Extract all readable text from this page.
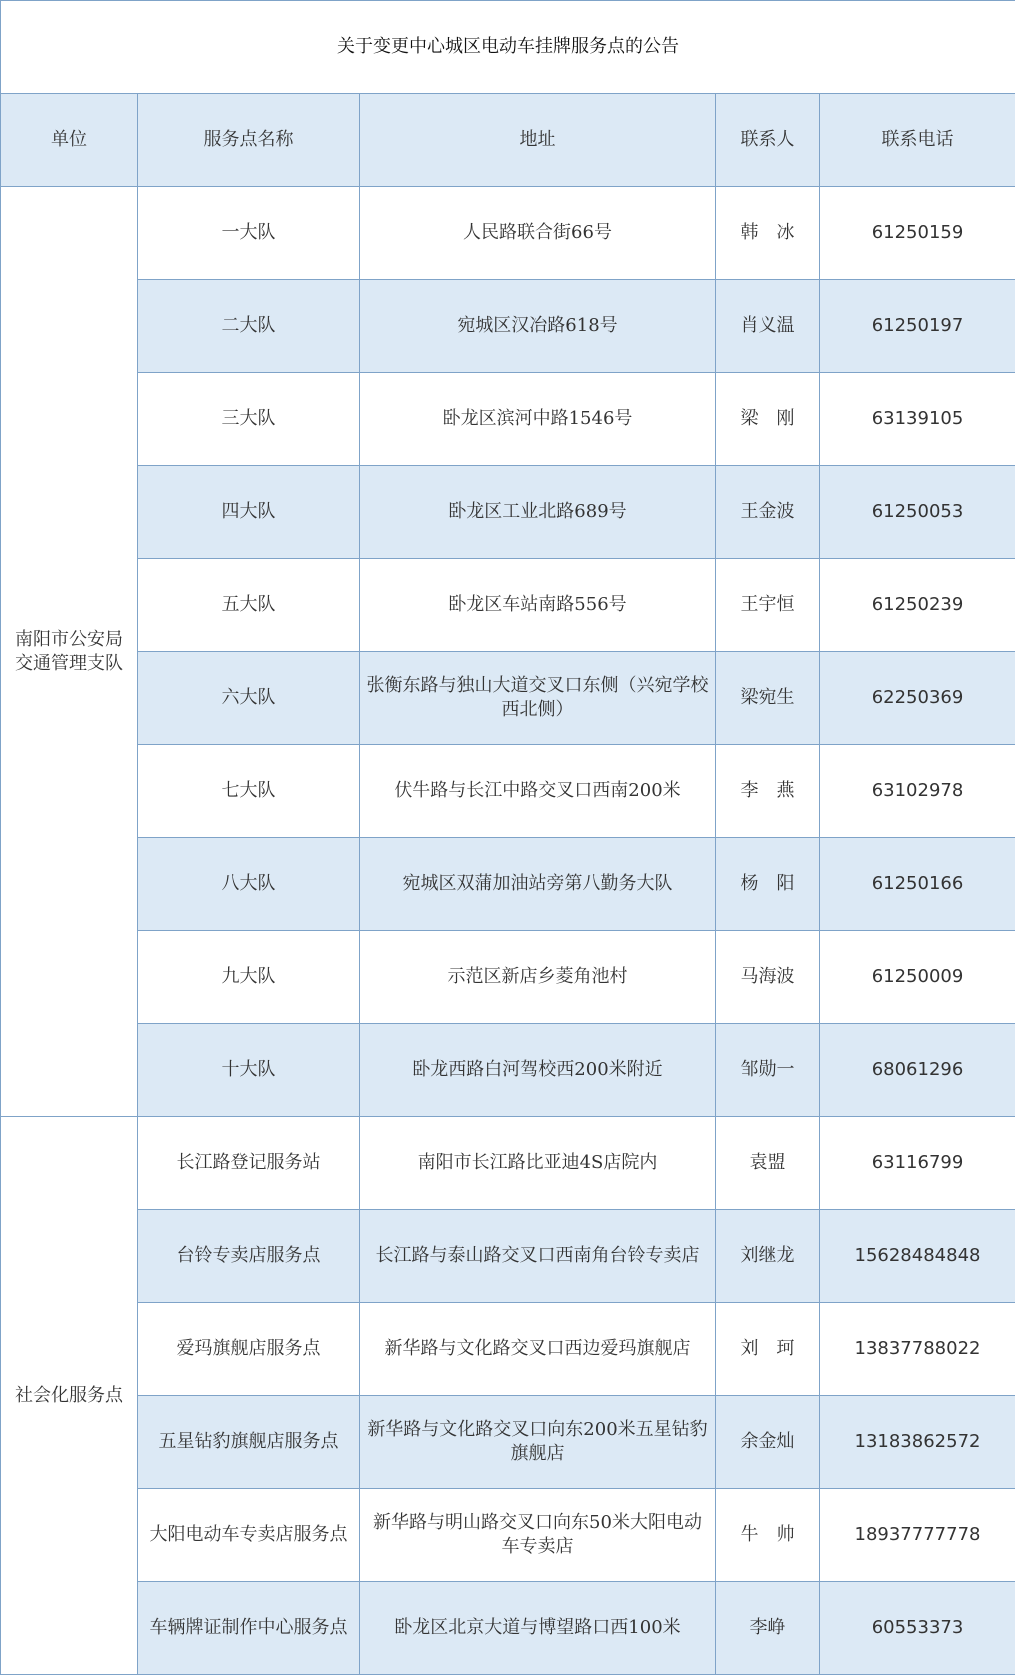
关于变更中心城区电动车挂牌服务点的公告				
单位	服务点名称	地址	联系人	联系电话
南阳市公安局交通管理支队	一大队	人民路联合街66号	韩　冰	61250159
	二大队	宛城区汉冶路618号	肖义温	61250197
	三大队	卧龙区滨河中路1546号	梁　刚	63139105
	四大队	卧龙区工业北路689号	王金波	61250053
	五大队	卧龙区车站南路556号	王宇恒	61250239
	六大队	张衡东路与独山大道交叉口东侧（兴宛学校西北侧）	梁宛生	62250369
	七大队	伏牛路与长江中路交叉口西南200米	李　燕	63102978
	八大队	宛城区双蒲加油站旁第八勤务大队	杨　阳	61250166
	九大队	示范区新店乡菱角池村	马海波	61250009
	十大队	卧龙西路白河驾校西200米附近	邹勋一	68061296
社会化服务点	长江路登记服务站	南阳市长江路比亚迪4S店院内	袁盟	63116799
	台铃专卖店服务点	长江路与泰山路交叉口西南角台铃专卖店	刘继龙	15628484848
	爱玛旗舰店服务点	新华路与文化路交叉口西边爱玛旗舰店	刘　珂	13837788022
	五星钻豹旗舰店服务点	新华路与文化路交叉口向东200米五星钻豹旗舰店	余金灿	13183862572
	大阳电动车专卖店服务点	新华路与明山路交叉口向东50米大阳电动车专卖店	牛　帅	18937777778
	车辆牌证制作中心服务点	卧龙区北京大道与博望路口西100米	李峥	60553373
